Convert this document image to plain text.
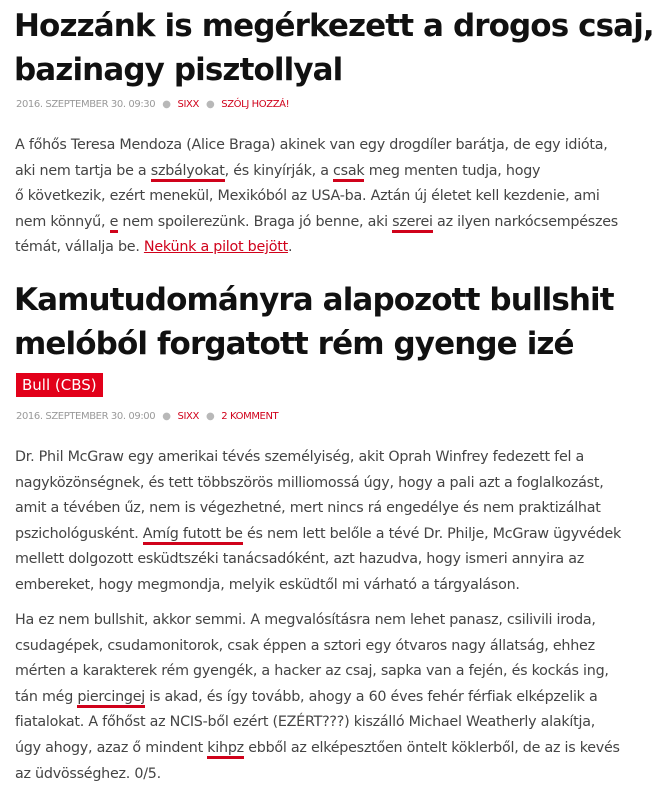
Hozzánk is megérkezett a drogos csaj,
bazinagy pisztollyal
2016. SZEPTEMBER 30. 09:30 ● SIXX ● SZÓLJ HOZZÁ!
A főhős Teresa Mendoza (Alice Braga) akinek van egy drogdíler barátja, de egy idióta,
aki nem tartja be a szbályokat, és kinyírják, a csak meg menten tudja, hogy
ő következik, ezért menekül, Mexikóból az USA-ba. Aztán új életet kell kezdenie, ami
nem könnyű, e nem spoilerezünk. Braga jó benne, aki szerei az ilyen narkócsempészes
témát, vállalja be. Nekünk a pilot bejött.
Kamutudományra alapozott bullshit
melóból forgatott rém gyenge izé
Bull (CBS)
2016. SZEPTEMBER 30. 09:00 ● SIXX ● 2 KOMMENT
Dr. Phil McGraw egy amerikai tévés személyiség, akit Oprah Winfrey fedezett fel a
nagyközönségnek, és tett többszörös milliomossá úgy, hogy a pali azt a foglalkozást,
amit a tévében űz, nem is végezhetné, mert nincs rá engedélye és nem praktizálhat
pszichológusként. Amíg futott be és nem lett belőle a tévé Dr. Philje, McGraw ügyvédek
mellett dolgozott esküdtszéki tanácsadóként, azt hazudva, hogy ismeri annyira az
embereket, hogy megmondja, melyik esküdtől mi várható a tárgyaláson.
Ha ez nem bullshit, akkor semmi. A megvalósításra nem lehet panasz, csilivili iroda,
csudagépek, csudamonitorok, csak éppen a sztori egy ótvaros nagy állatság, ehhez
mérten a karakterek rém gyengék, a hacker az csaj, sapka van a fején, és kockás ing,
tán még piercingej is akad, és így tovább, ahogy a 60 éves fehér férfiak elképzelik a
fiatalokat. A főhőst az NCIS-ből ezért (EZÉRT???) kiszálló Michael Weatherly alakítja,
úgy ahogy, azaz ő mindent kihpz ebből az elképesztően öntelt köklerből, de az is kevés
az üdvösséghez. 0/5.
